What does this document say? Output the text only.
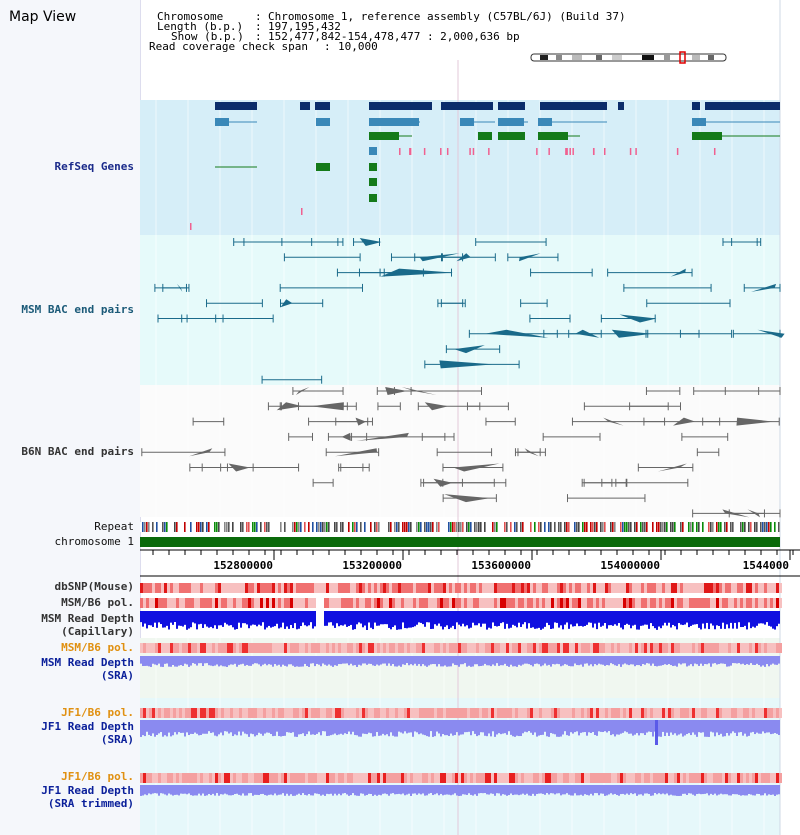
Map View	Chromosome	: Chromosome 1, reference assembly (C57BL/6J) (Build 37)
Length (b.p.) : 197,195,432
Show (b.p.) : 152,477,842-154,478,477 : 2,000,636 bp
Read coverage check span : 10,000
152800000	153200000	153600000	154000000	1544000
RefSeq Genes
MSM BAC end pairs
B6N BAC end pairs
Repeat
chromosome 1
dbSNP(Mouse)
MSM/B6 pol.
MSM Read Depth
(Capillary)
MSM/B6 pol.
MSM Read Depth
(SRA)
JF1/B6 pol.
JF1 Read Depth
(SRA)
JF1/B6 pol.
JF1 Read Depth
(SRA trimmed)
